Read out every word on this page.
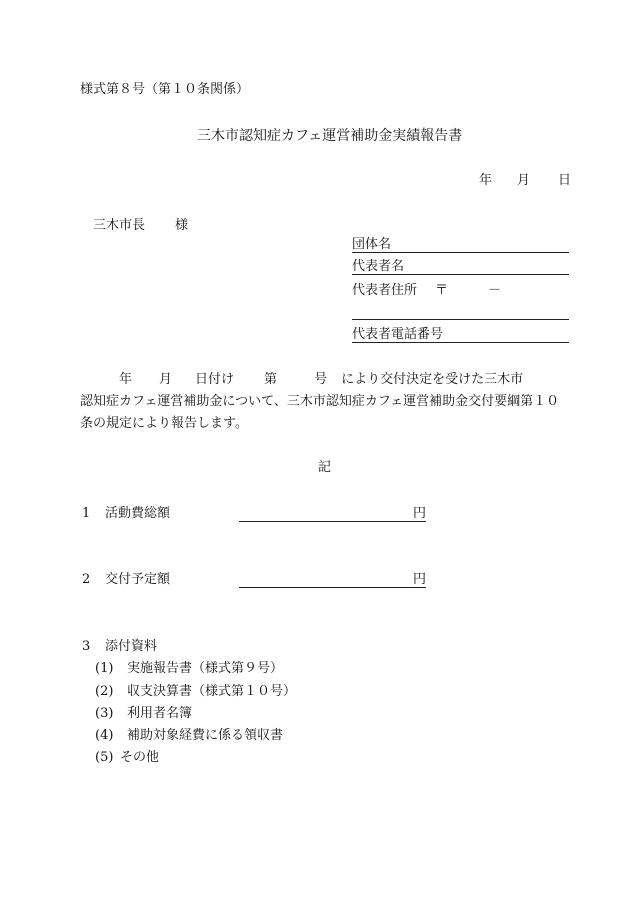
様式第８号（第１０条関係）
三木市認知症カフェ運営補助金実績報告書
年 月 日
三木市長 様
団体名
代表者名
代表者住所 〒	－
代表者電話番号
年 月 日付け 第	号 により交付決定を受けた三木市
認知症カフェ運営補助金について、三木市認知症カフェ運営補助金交付要綱第１０
条の規定により報告します。
記
1 活動費総額	円
2 交付予定額	円
3 添付資料
(1) 実施報告書（様式第９号）
(2) 収支決算書（様式第１０号）
(3) 利用者名簿
(4) 補助対象経費に係る領収書
(5) その他
